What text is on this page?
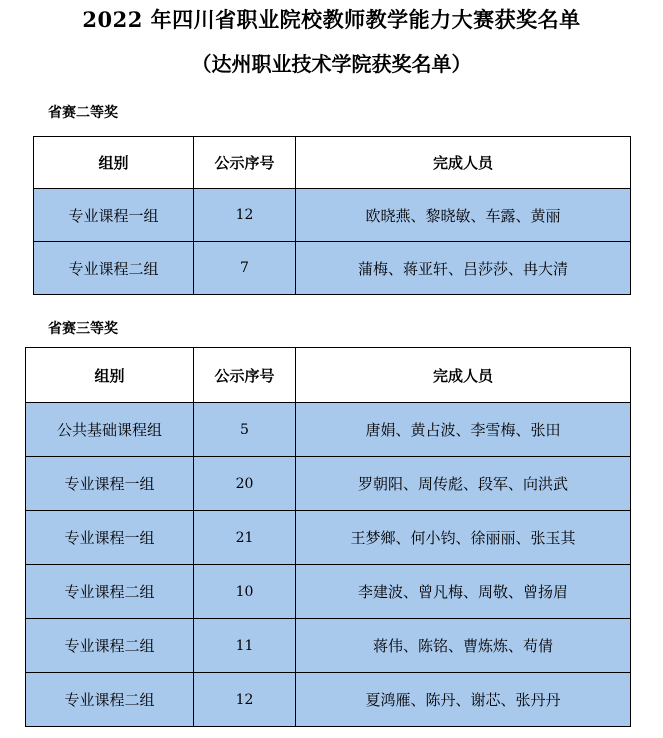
2022 年四川省职业院校教师教学能力大赛获奖名单
（达州职业技术学院获奖名单）
省赛二等奖
组别	公示序号	完成人员
专业课程一组	12	欧晓燕、黎晓敏、车露、黄丽
专业课程二组	7	蒲梅、蒋亚轩、吕莎莎、冉大清
省赛三等奖
组别	公示序号	完成人员
公共基础课程组	5	唐娟、黄占波、李雪梅、张田
专业课程一组	20	罗朝阳、周传彪、段军、向洪武
专业课程一组	21	王梦鄉、何小钧、徐丽丽、张玉其
专业课程二组	10	李建波、曾凡梅、周敬、曾扬眉
专业课程二组	11	蒋伟、陈铭、曹炼炼、苟倩
专业课程二组	12	夏鸿雁、陈丹、谢芯、张丹丹
